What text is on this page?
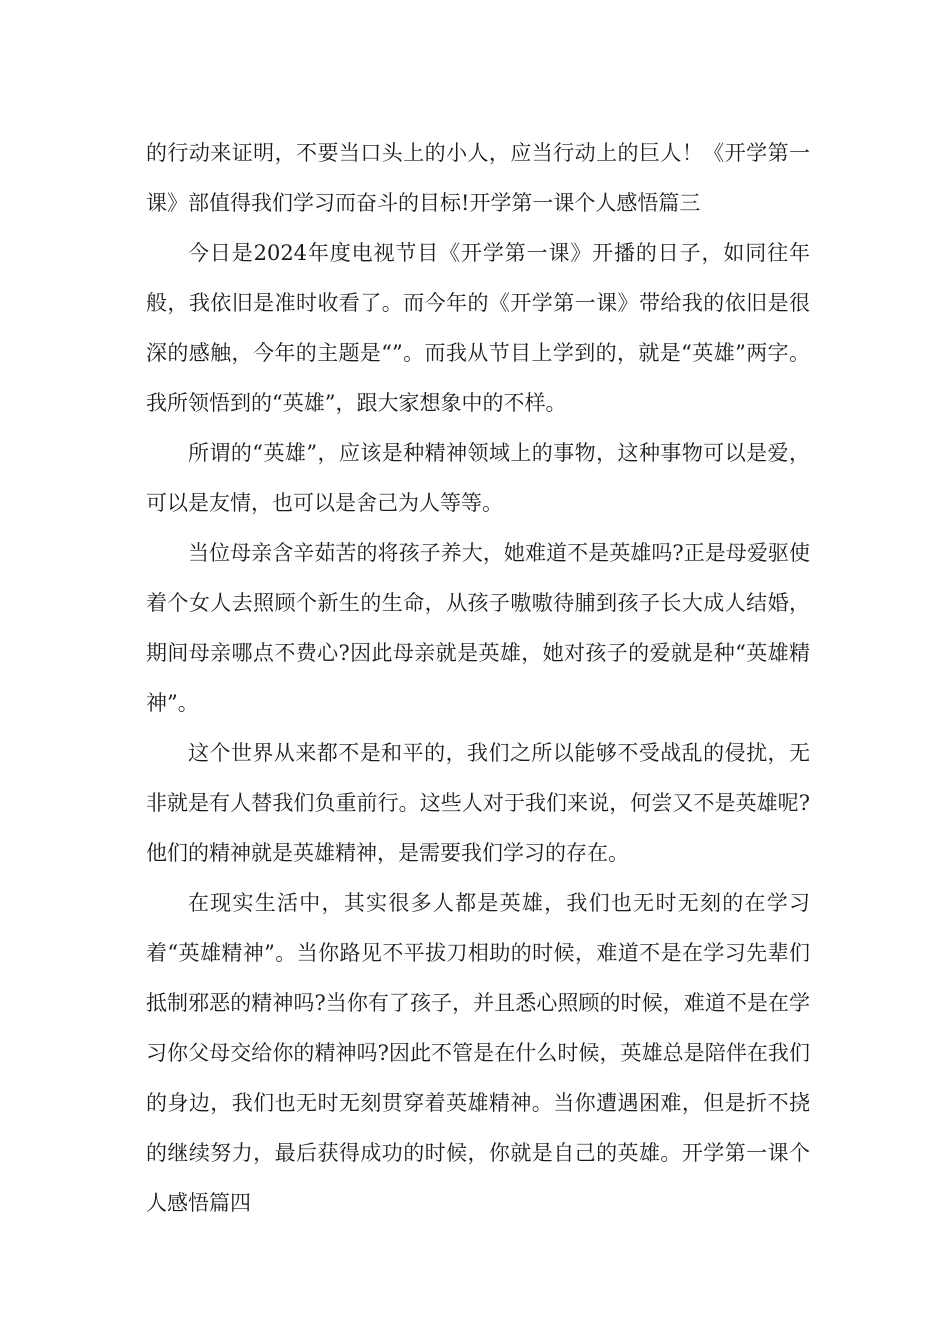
的行动来证明，不要当口头上的小人，应当行动上的巨人！《开学第一课》部值得我们学习而奋斗的目标!开学第一课个人感悟篇三

今日是2024年度电视节目《开学第一课》开播的日子，如同往年般，我依旧是准时收看了。而今年的《开学第一课》带给我的依旧是很深的感触，今年的主题是“”。而我从节目上学到的，就是“英雄”两字。我所领悟到的“英雄”，跟大家想象中的不样。

所谓的“英雄”，应该是种精神领域上的事物，这种事物可以是爱，可以是友情，也可以是舍己为人等等。

当位母亲含辛茹苦的将孩子养大，她难道不是英雄吗?正是母爱驱使着个女人去照顾个新生的生命，从孩子嗷嗷待脯到孩子长大成人结婚，期间母亲哪点不费心?因此母亲就是英雄，她对孩子的爱就是种“英雄精神”。

这个世界从来都不是和平的，我们之所以能够不受战乱的侵扰，无非就是有人替我们负重前行。这些人对于我们来说，何尝又不是英雄呢?他们的精神就是英雄精神，是需要我们学习的存在。

在现实生活中，其实很多人都是英雄，我们也无时无刻的在学习着“英雄精神”。当你路见不平拔刀相助的时候，难道不是在学习先辈们抵制邪恶的精神吗?当你有了孩子，并且悉心照顾的时候，难道不是在学习你父母交给你的精神吗?因此不管是在什么时候，英雄总是陪伴在我们的身边，我们也无时无刻贯穿着英雄精神。当你遭遇困难，但是折不挠的继续努力，最后获得成功的时候，你就是自己的英雄。开学第一课个人感悟篇四
